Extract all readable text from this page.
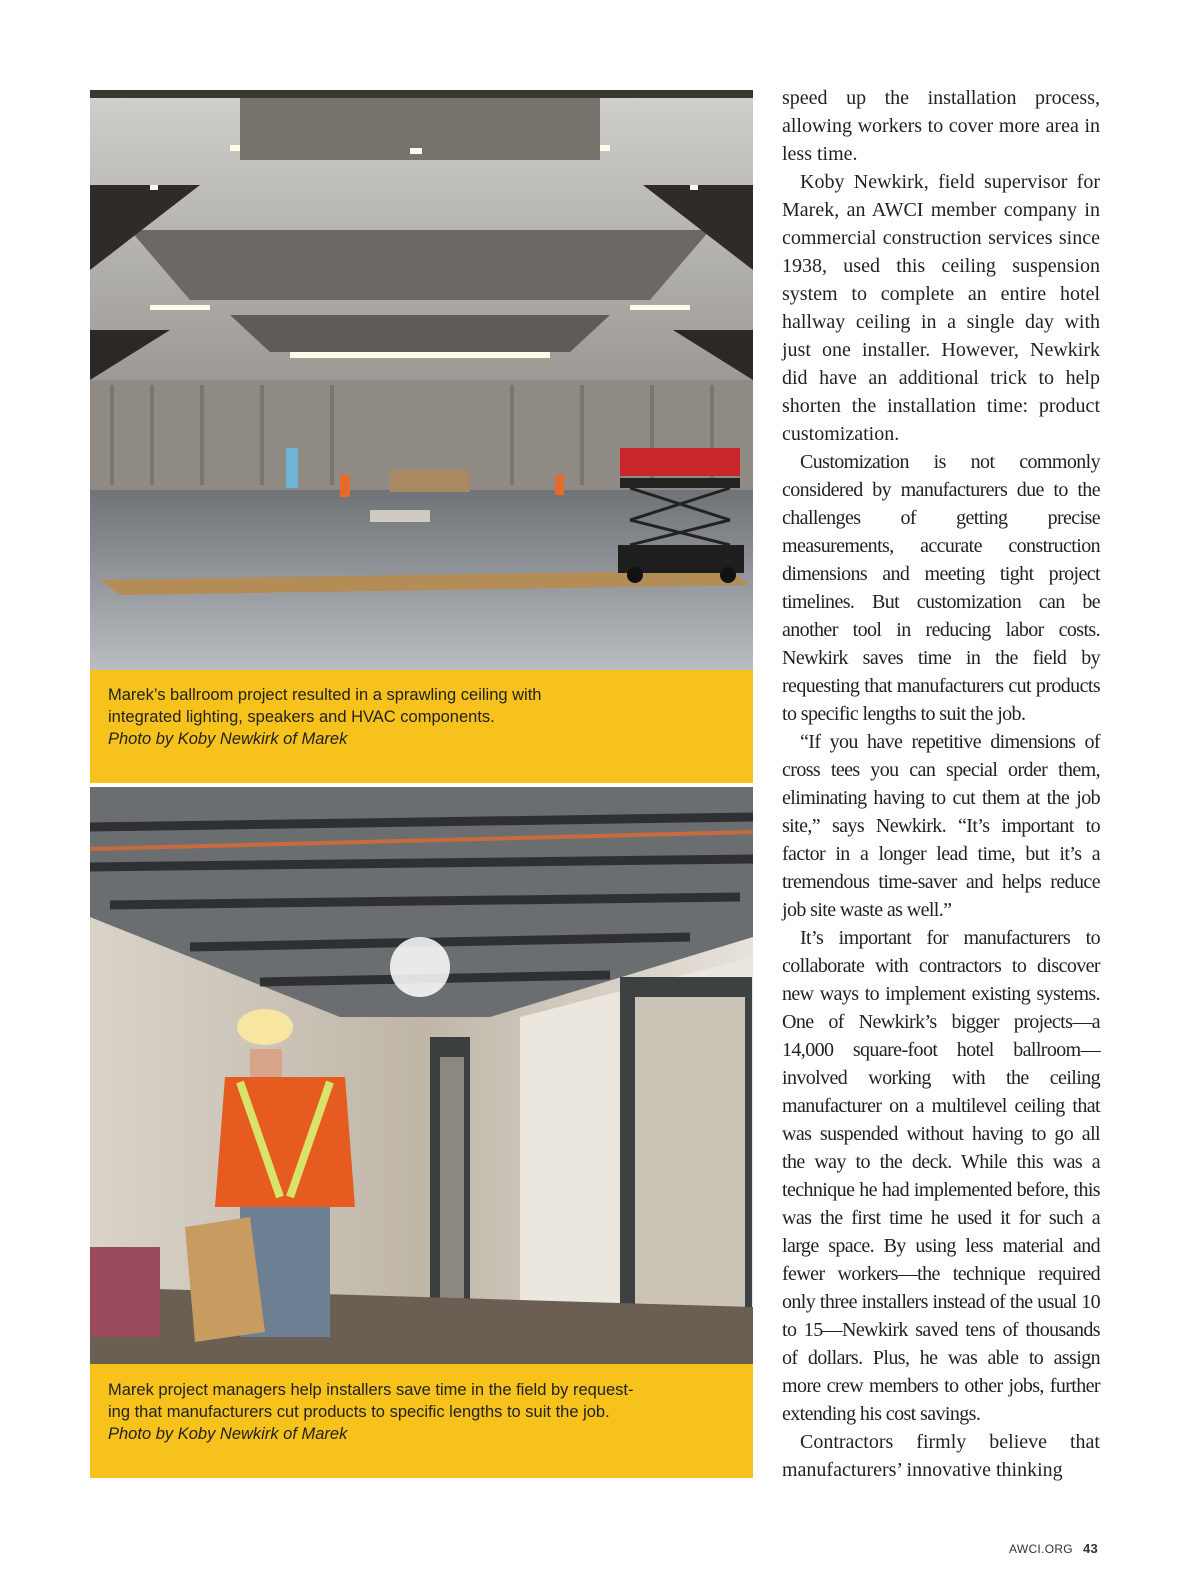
Marek’s ballroom project resulted in a sprawling ceiling with
integrated lighting, speakers and HVAC components.
Photo by Koby Newkirk of Marek
Marek project managers help installers save time in the field by request-
ing that manufacturers cut products to specific lengths to suit the job.
Photo by Koby Newkirk of Marek

speed up the installation process, allowing workers to cover more area in less time.

Koby Newkirk, field supervisor for Marek, an AWCI member company in commercial construction services since 1938, used this ceiling suspension system to complete an entire hotel hallway ceiling in a single day with just one installer. However, Newkirk did have an additional trick to help shorten the installation time: product customization.

Customization is not commonly considered by manufacturers due to the challenges of getting precise measurements, accurate construction dimensions and meeting tight project timelines. But customization can be another tool in reducing labor costs. Newkirk saves time in the field by requesting that manufacturers cut products to specific lengths to suit the job.

“If you have repetitive dimensions of cross tees you can special order them, eliminating having to cut them at the job site,” says Newkirk. “It’s important to factor in a longer lead time, but it’s a tremendous time-saver and helps reduce job site waste as well.”

It’s important for manufacturers to collaborate with contractors to discover new ways to implement existing systems. One of Newkirk’s bigger projects—a 14,000 square-foot hotel ballroom—involved working with the ceiling manufacturer on a multilevel ceiling that was suspended without having to go all the way to the deck. While this was a technique he had implemented before, this was the first time he used it for such a large space. By using less material and fewer workers—the technique required only three installers instead of the usual 10 to 15—Newkirk saved tens of thousands of dollars. Plus, he was able to assign more crew members to other jobs, further extending his cost savings.

Contractors firmly believe that manufacturers’ innovative thinking

AWCI.ORG 43
